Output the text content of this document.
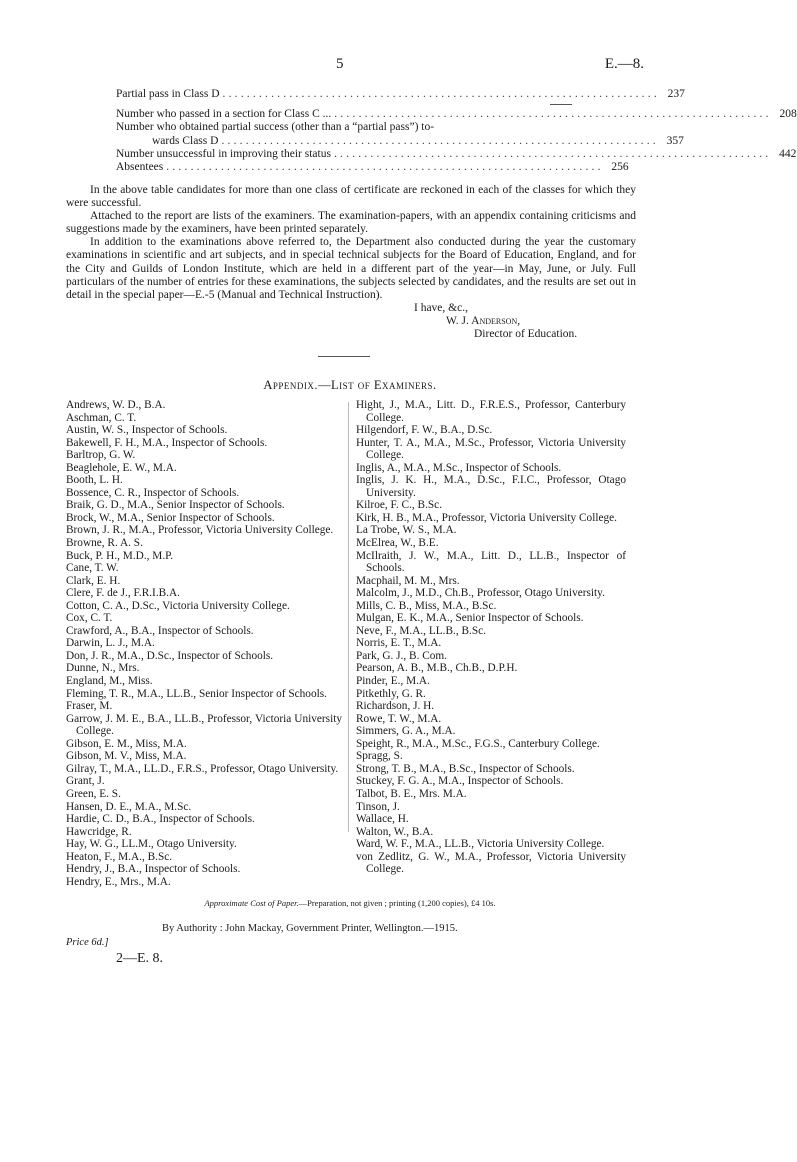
5	E.—8.
Partial pass in Class D ........................................................................ 237
Number who passed in a section for Class C ... ........................................................................ 208
Number who obtained partial success (other than a “partial pass”) to-
wards Class D ........................................................................ 357
Number unsuccessful in improving their status ........................................................................ 442
Absentees ........................................................................ 256

In the above table candidates for more than one class of certificate are reckoned in each of the classes for which they were successful.

Attached to the report are lists of the examiners. The examination-papers, with an appendix containing criticisms and suggestions made by the examiners, have been printed separately.

In addition to the examinations above referred to, the Department also conducted during the year the customary examinations in scientific and art subjects, and in special technical subjects for the Board of Education, England, and for the City and Guilds of London Institute, which are held in a different part of the year—in May, June, or July. Full particulars of the number of entries for these examinations, the subjects selected by candidates, and the results are set out in detail in the special paper—E.-5 (Manual and Technical Instruction).

I have, &c.,
W. J. Anderson,
Director of Education.
Appendix.—List of Examiners.
Andrews, W. D., B.A.
Aschman, C. T.
Austin, W. S., Inspector of Schools.
Bakewell, F. H., M.A., Inspector of Schools.
Barltrop, G. W.
Beaglehole, E. W., M.A.
Booth, L. H.
Bossence, C. R., Inspector of Schools.
Braik, G. D., M.A., Senior Inspector of Schools.
Brock, W., M.A., Senior Inspector of Schools.
Brown, J. R., M.A., Professor, Victoria University College.
Browne, R. A. S.
Buck, P. H., M.D., M.P.
Cane, T. W.
Clark, E. H.
Clere, F. de J., F.R.I.B.A.
Cotton, C. A., D.Sc., Victoria University College.
Cox, C. T.
Crawford, A., B.A., Inspector of Schools.
Darwin, L. J., M.A.
Don, J. R., M.A., D.Sc., Inspector of Schools.
Dunne, N., Mrs.
England, M., Miss.
Fleming, T. R., M.A., LL.B., Senior Inspector of Schools.
Fraser, M.
Garrow, J. M. E., B.A., LL.B., Professor, Victoria University College.
Gibson, E. M., Miss, M.A.
Gibson, M. V., Miss, M.A.
Gilray, T., M.A., LL.D., F.R.S., Professor, Otago University.
Grant, J.
Green, E. S.
Hansen, D. E., M.A., M.Sc.
Hardie, C. D., B.A., Inspector of Schools.
Hawcridge, R.
Hay, W. G., LL.M., Otago University.
Heaton, F., M.A., B.Sc.
Hendry, J., B.A., Inspector of Schools.
Hendry, E., Mrs., M.A.
Hight, J., M.A., Litt. D., F.R.E.S., Professor, Canterbury College.
Hilgendorf, F. W., B.A., D.Sc.
Hunter, T. A., M.A., M.Sc., Professor, Victoria University College.
Inglis, A., M.A., M.Sc., Inspector of Schools.
Inglis, J. K. H., M.A., D.Sc., F.I.C., Professor, Otago University.
Kilroe, F. C., B.Sc.
Kirk, H. B., M.A., Professor, Victoria University College.
La Trobe, W. S., M.A.
McElrea, W., B.E.
McIlraith, J. W., M.A., Litt. D., LL.B., Inspector of Schools.
Macphail, M. M., Mrs.
Malcolm, J., M.D., Ch.B., Professor, Otago University.
Mills, C. B., Miss, M.A., B.Sc.
Mulgan, E. K., M.A., Senior Inspector of Schools.
Neve, F., M.A., LL.B., B.Sc.
Norris, E. T., M.A.
Park, G. J., B. Com.
Pearson, A. B., M.B., Ch.B., D.P.H.
Pinder, E., M.A.
Pitkethly, G. R.
Richardson, J. H.
Rowe, T. W., M.A.
Simmers, G. A., M.A.
Speight, R., M.A., M.Sc., F.G.S., Canterbury College.
Spragg, S.
Strong, T. B., M.A., B.Sc., Inspector of Schools.
Stuckey, F. G. A., M.A., Inspector of Schools.
Talbot, B. E., Mrs. M.A.
Tinson, J.
Wallace, H.
Walton, W., B.A.
Ward, W. F., M.A., LL.B., Victoria University College.
von Zedlitz, G. W., M.A., Professor, Victoria University College.
Approximate Cost of Paper.—Preparation, not given ; printing (1,200 copies), £4 10s.
By Authority : John Mackay, Government Printer, Wellington.—1915.
Price 6d.]
2—E. 8.
